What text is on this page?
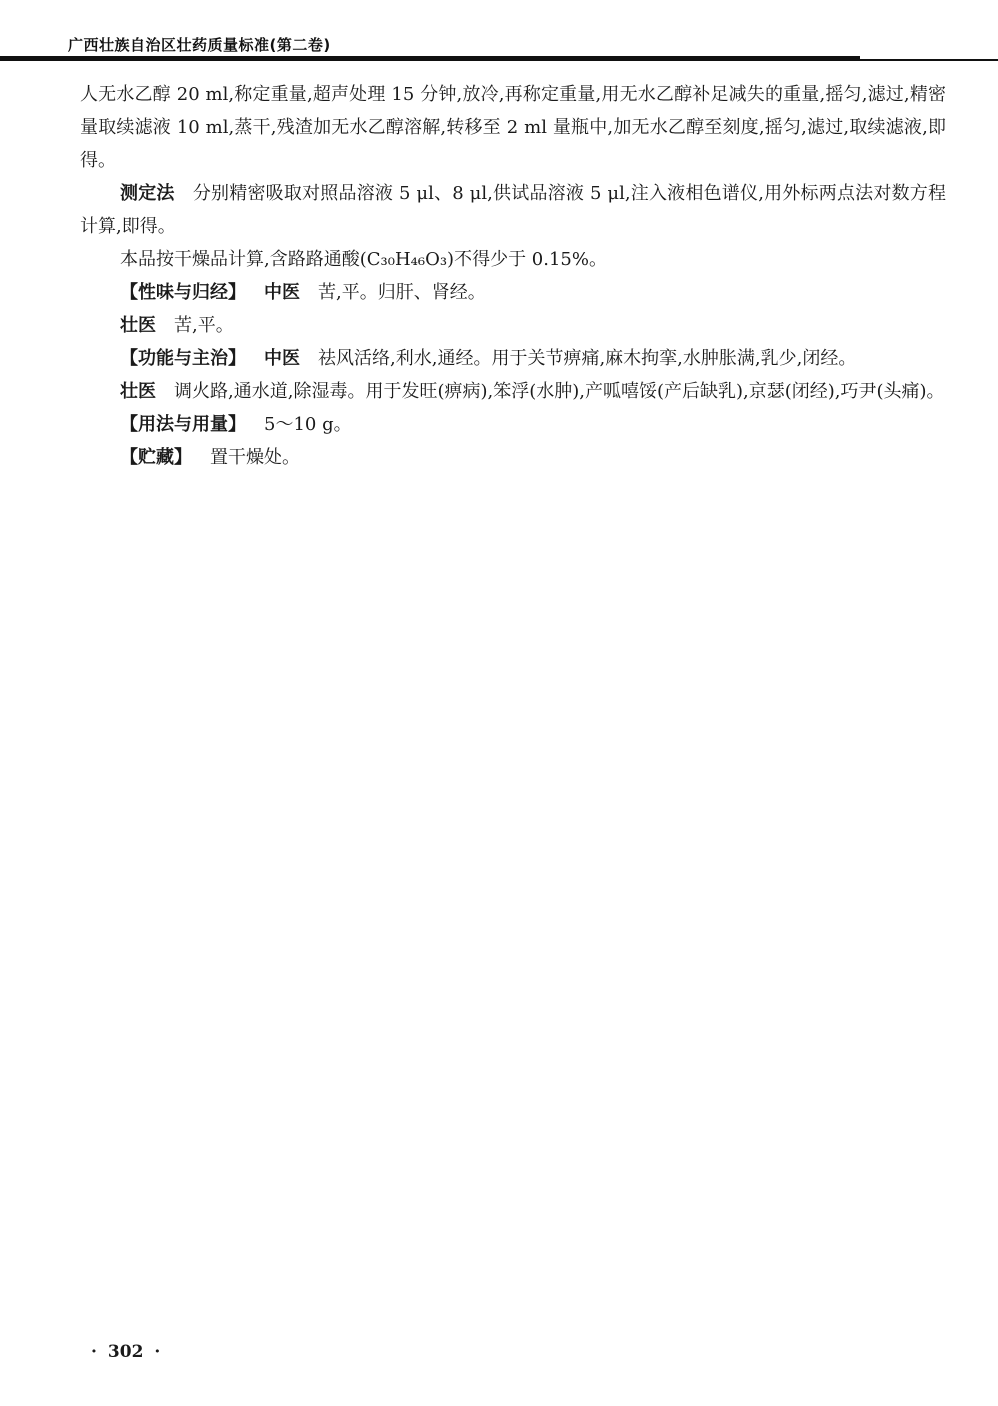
广西壮族自治区壮药质量标准(第二卷)

人无水乙醇 20 ml,称定重量,超声处理 15 分钟,放冷,再称定重量,用无水乙醇补足减失的重量,摇匀,滤过,精密量取续滤液 10 ml,蒸干,残渣加无水乙醇溶解,转移至 2 ml 量瓶中,加无水乙醇至刻度,摇匀,滤过,取续滤液,即得。

测定法 分别精密吸取对照品溶液 5 μl、8 μl,供试品溶液 5 μl,注入液相色谱仪,用外标两点法对数方程计算,即得。

本品按干燥品计算,含路路通酸(C₃₀H₄₆O₃)不得少于 0.15%。

【性味与归经】 中医 苦,平。归肝、肾经。

壮医 苦,平。

【功能与主治】 中医 祛风活络,利水,通经。用于关节痹痛,麻木拘挛,水肿胀满,乳少,闭经。

壮医 调火路,通水道,除湿毒。用于发旺(痹病),笨浮(水肿),产呱嘻馁(产后缺乳),京瑟(闭经),巧尹(头痛)。

【用法与用量】 5～10 g。

【贮藏】 置干燥处。

· 302 ·
